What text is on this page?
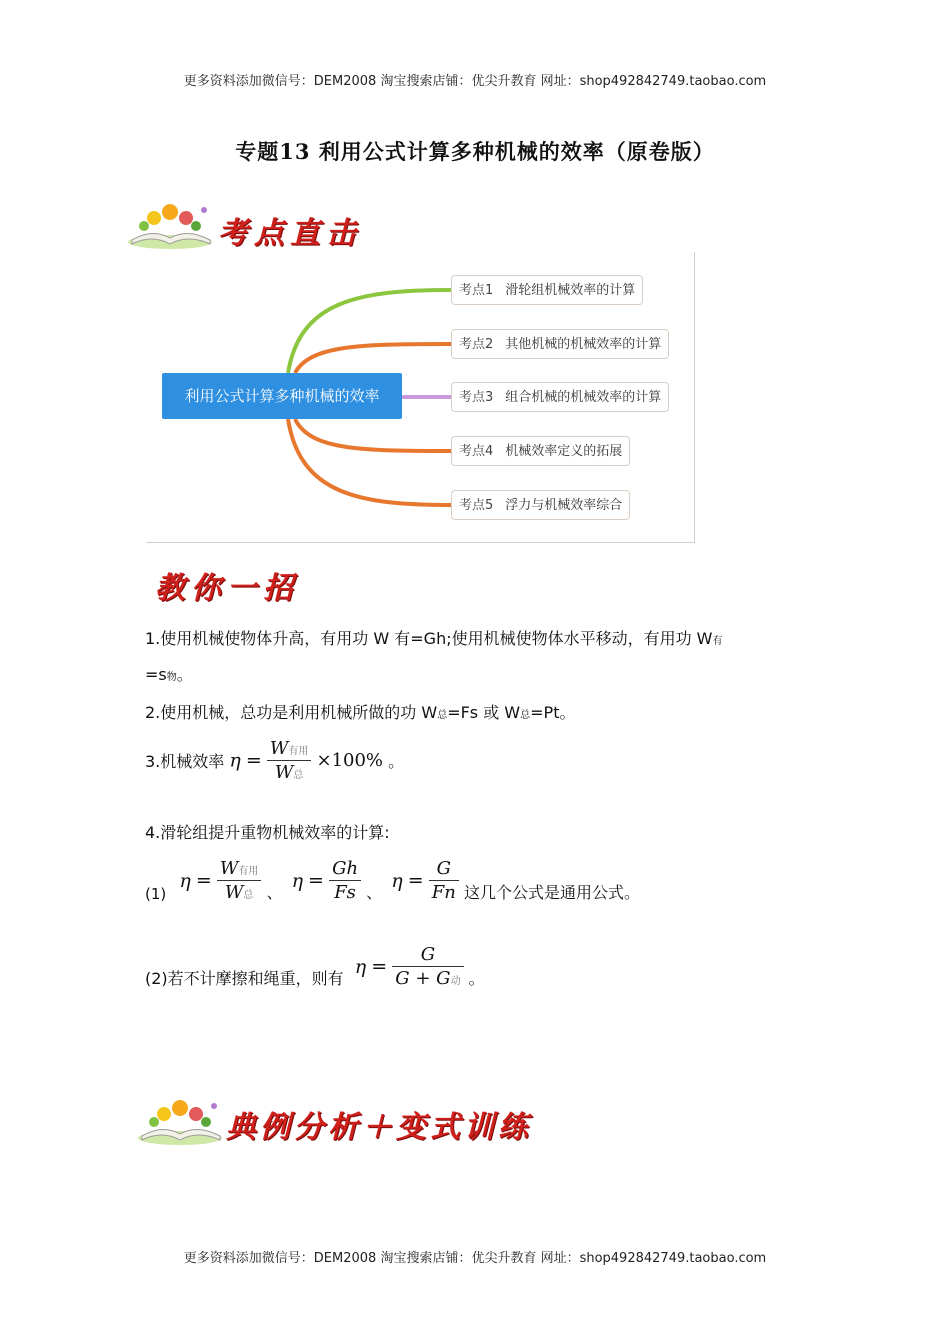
更多资料添加微信号：DEM2008 淘宝搜索店铺：优尖升教育 网址：shop492842749.taobao.com
专题13 利用公式计算多种机械的效率（原卷版）
考点直击
利用公式计算多种机械的效率
考点1 滑轮组机械效率的计算
考点2 其他机械的机械效率的计算
考点3 组合机械的机械效率的计算
考点4 机械效率定义的拓展
考点5 浮力与机械效率综合
教你一招
1.使用机械使物体升高，有用功 W 有=Gh;使用机械使物体水平移动，有用功 W有
=s物。
2.使用机械，总功是利用机械所做的功 W总=Fs 或 W总=Pt。
3.机械效率 $\eta = \frac{\text{W有用}}{\text{W总}} \times 100\%$ 。
4.滑轮组提升重物机械效率的计算:
(1) $\eta = \frac{\text{W有用}}{\text{W总}}$ 、 $\eta = \frac{Gh}{Fs}$ 、 $\eta = \frac{G}{Fn}$ 这几个公式是通用公式。
(2)若不计摩擦和绳重，则有 $\eta = \frac{G}{\text{G + G动}}$ 。
典例分析＋变式训练
更多资料添加微信号：DEM2008 淘宝搜索店铺：优尖升教育 网址：shop492842749.taobao.com
